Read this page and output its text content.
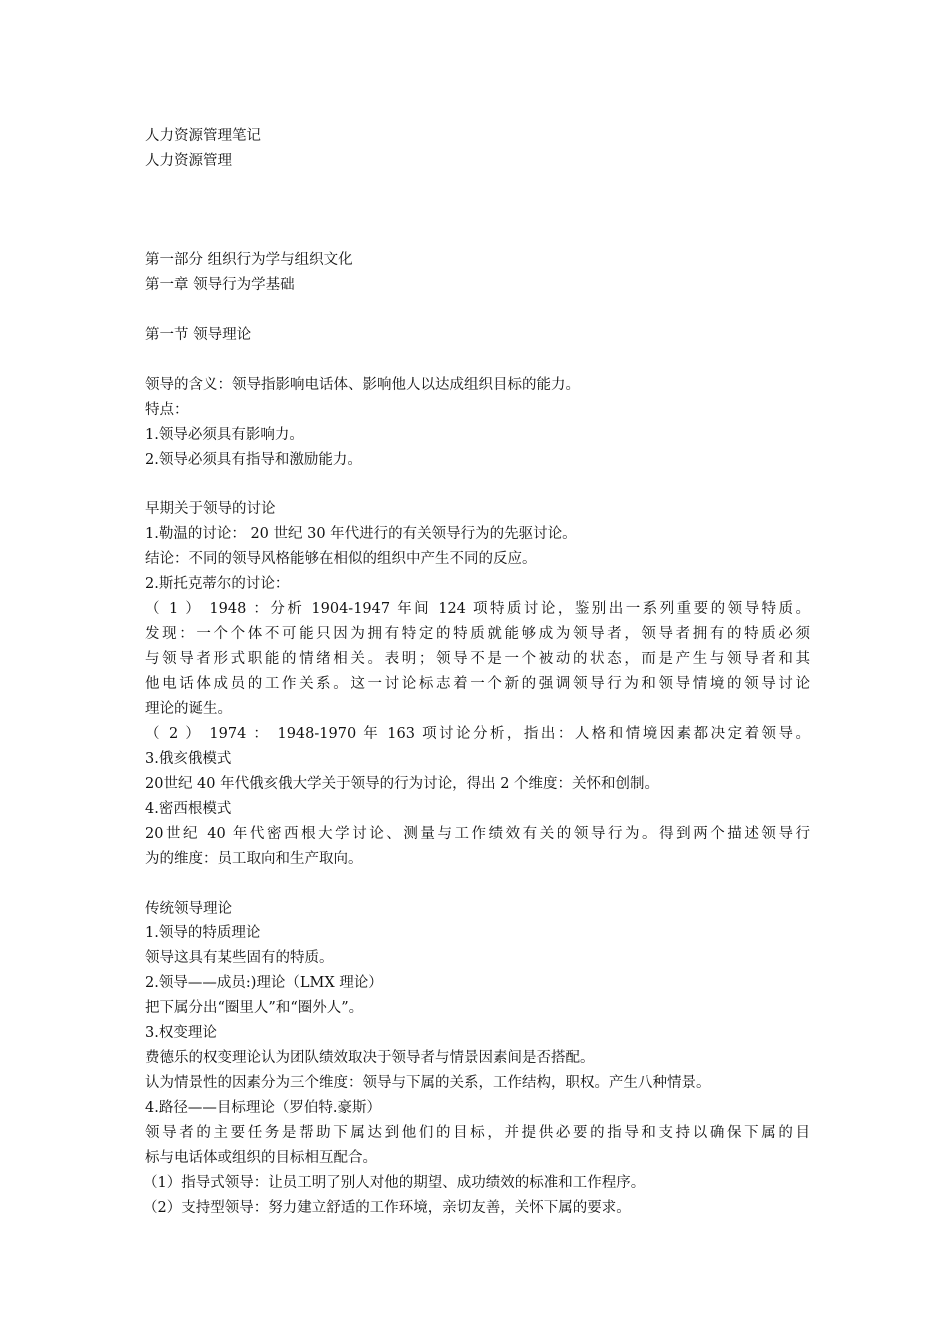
人力资源管理笔记

人力资源管理

第一部分 组织行为学与组织文化

第一章 领导行为学基础

第一节 领导理论

领导的含义：领导指影响电话体、影响他人以达成组织目标的能力。

特点：

1.领导必须具有影响力。

2.领导必须具有指导和激励能力。

早期关于领导的讨论

1.勒温的讨论： 20 世纪 30 年代进行的有关领导行为的先驱讨论。

结论：不同的领导风格能够在相似的组织中产生不同的反应。

2.斯托克蒂尔的讨论：

（ 1 ） 1948 ：分析 1904-1947 年间 124 项特质讨论，鉴别出一系列重要的领导特质。

发现：一个个体不可能只因为拥有特定的特质就能够成为领导者，领导者拥有的特质必须

与领导者形式职能的情绪相关。表明；领导不是一个被动的状态，而是产生与领导者和其

他电话体成员的工作关系。这一讨论标志着一个新的强调领导行为和领导情境的领导讨论

理论的诞生。

（ 2 ） 1974 ： 1948-1970 年 163 项讨论分析，指出：人格和情境因素都决定着领导。

3.俄亥俄模式

20世纪 40 年代俄亥俄大学关于领导的行为讨论，得出 2 个维度：关怀和创制。

4.密西根模式

20世纪 40 年代密西根大学讨论、测量与工作绩效有关的领导行为。得到两个描述领导行

为的维度：员工取向和生产取向。

传统领导理论

1.领导的特质理论

领导这具有某些固有的特质。

2.领导——成员:)理论（LMX 理论）

把下属分出“圈里人”和“圈外人”。

3.权变理论

费德乐的权变理论认为团队绩效取决于领导者与情景因素间是否搭配。

认为情景性的因素分为三个维度：领导与下属的关系，工作结构，职权。产生八种情景。

4.路径——目标理论（罗伯特.豪斯）

领导者的主要任务是帮助下属达到他们的目标，并提供必要的指导和支持以确保下属的目

标与电话体或组织的目标相互配合。

（1）指导式领导：让员工明了别人对他的期望、成功绩效的标准和工作程序。

（2）支持型领导：努力建立舒适的工作环境，亲切友善，关怀下属的要求。
